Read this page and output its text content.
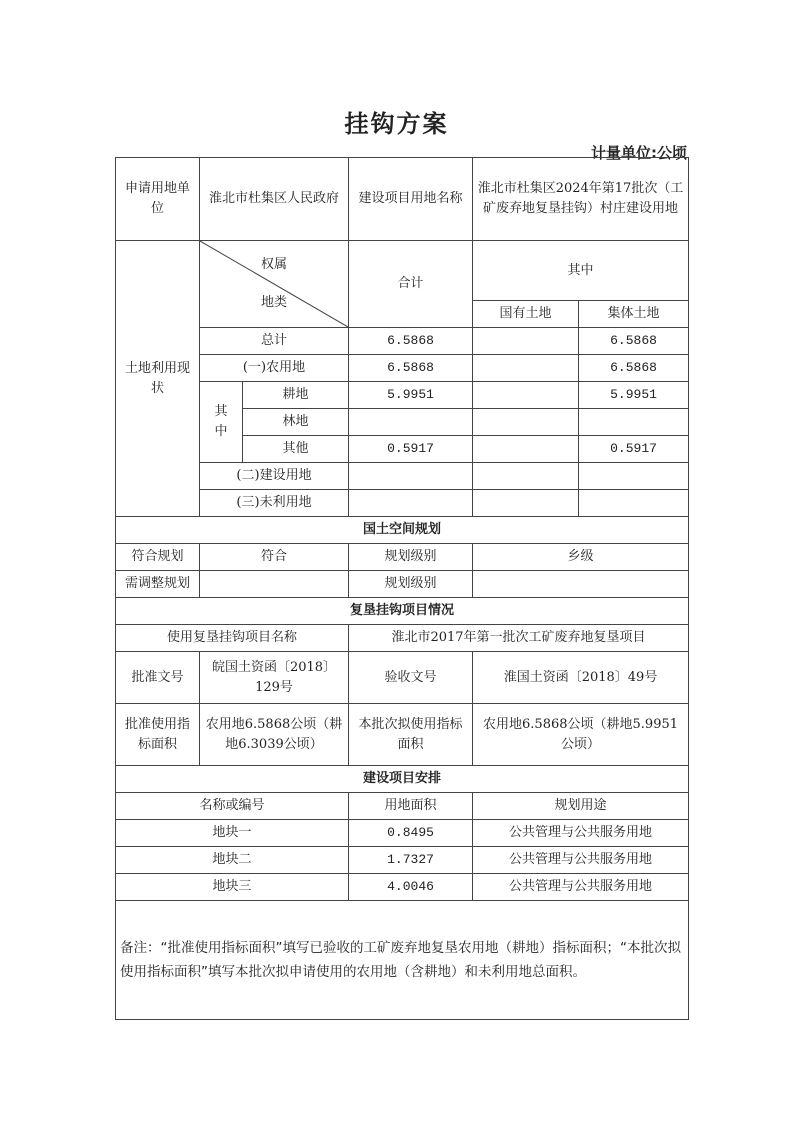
挂钩方案
计量单位:公顷
申请用地单位	淮北市杜集区人民政府		建设项目用地名称	淮北市杜集区2024年第17批次（工矿废弃地复垦挂钩）村庄建设用地	
土地利用现状	权属
地类		合计	其中	
				国有土地	集体土地
	总计		6.5868		6.5868
	(一)农用地		6.5868		6.5868
	其中	耕地	5.9951		5.9951
		林地			
		其他	0.5917		0.5917
	(二)建设用地				
	(三)未利用地				
国土空间规划					
符合规划	符合		规划级别	乡级	
需调整规划			规划级别		
复垦挂钩项目情况					
使用复垦挂钩项目名称			淮北市2017年第一批次工矿废弃地复垦项目		
批准文号	皖国土资函〔2018〕129号		验收文号	淮国土资函〔2018〕49号	
批准使用指标面积	农用地6.5868公顷（耕地6.3039公顷）		本批次拟使用指标面积	农用地6.5868公顷（耕地5.9951公顷）	
建设项目安排					
名称或编号			用地面积	规划用途	
地块一			0.8495	公共管理与公共服务用地	
地块二			1.7327	公共管理与公共服务用地	
地块三			4.0046	公共管理与公共服务用地	
备注：“批准使用指标面积”填写已验收的工矿废弃地复垦农用地（耕地）指标面积；“本批次拟使用指标面积”填写本批次拟申请使用的农用地（含耕地）和未利用地总面积。					
